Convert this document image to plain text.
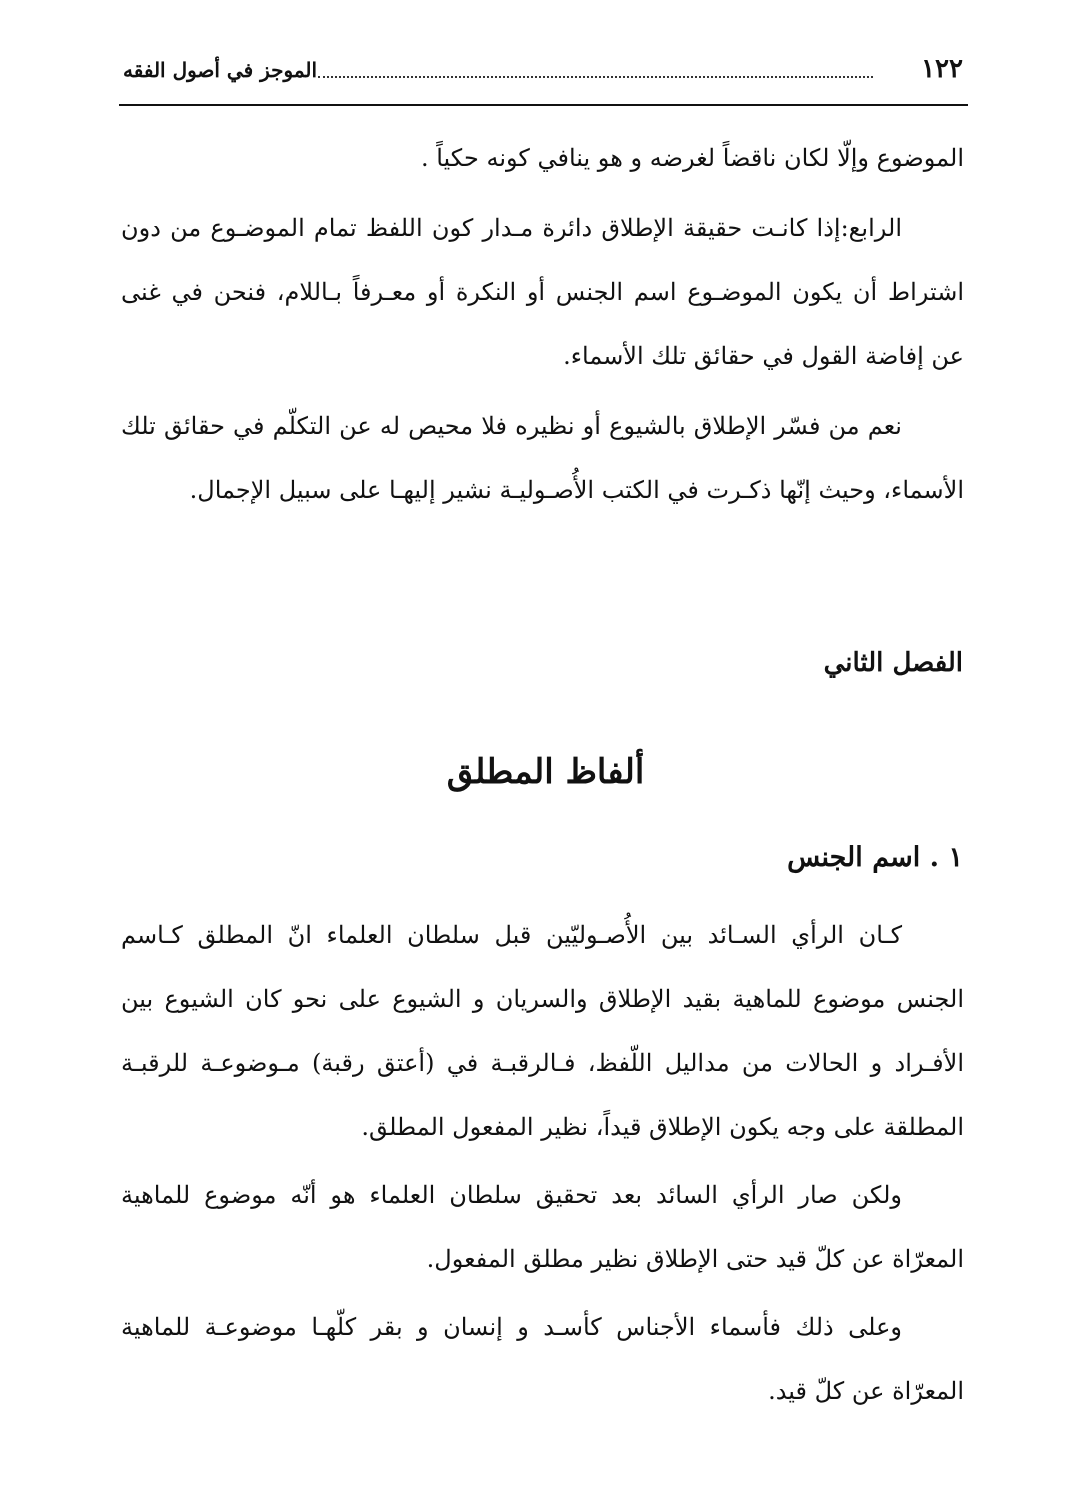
الموجز في أصول الفقه	١٢٢

الموضوع وإلّا لكان ناقضاً لغرضه و هو ينافي كونه حكياً .

الرابع:إذا كانـت حقيقة الإطلاق دائرة مـدار كون اللفظ تمام الموضـوع من دون اشتراط أن يكون الموضـوع اسم الجنس أو النكرة أو معـرفاً بـاللام، فنحن في غنى عن إفاضة القول في حقائق تلك الأسماء.

نعم من فسّر الإطلاق بالشيوع أو نظيره فلا محيص له عن التكلّم في حقائق تلك الأسماء، وحيث إنّها ذكـرت في الكتب الأُصـوليـة نشير إليهـا على سبيل الإجمال.

الفصل الثاني
ألفاظ المطلق
١ . اسم الجنس

كـان الرأي السـائد بين الأُصـوليّين قبل سلطان العلماء انّ المطلق كـاسم الجنس موضوع للماهية بقيد الإطلاق والسريان و الشيوع على نحو كان الشيوع بين الأفـراد و الحالات من مداليل اللّفظ، فـالرقبـة في (أعتق رقبة) مـوضوعـة للرقبـة المطلقة على وجه يكون الإطلاق قيداً، نظير المفعول المطلق.

ولكن صار الرأي السائد بعد تحقيق سلطان العلماء هو أنّه موضوع للماهية المعرّاة عن كلّ قيد حتى الإطلاق نظير مطلق المفعول.

وعلى ذلك فأسماء الأجناس كأسـد و إنسان و بقر كلّهـا موضوعـة للماهية المعرّاة عن كلّ قيد.
